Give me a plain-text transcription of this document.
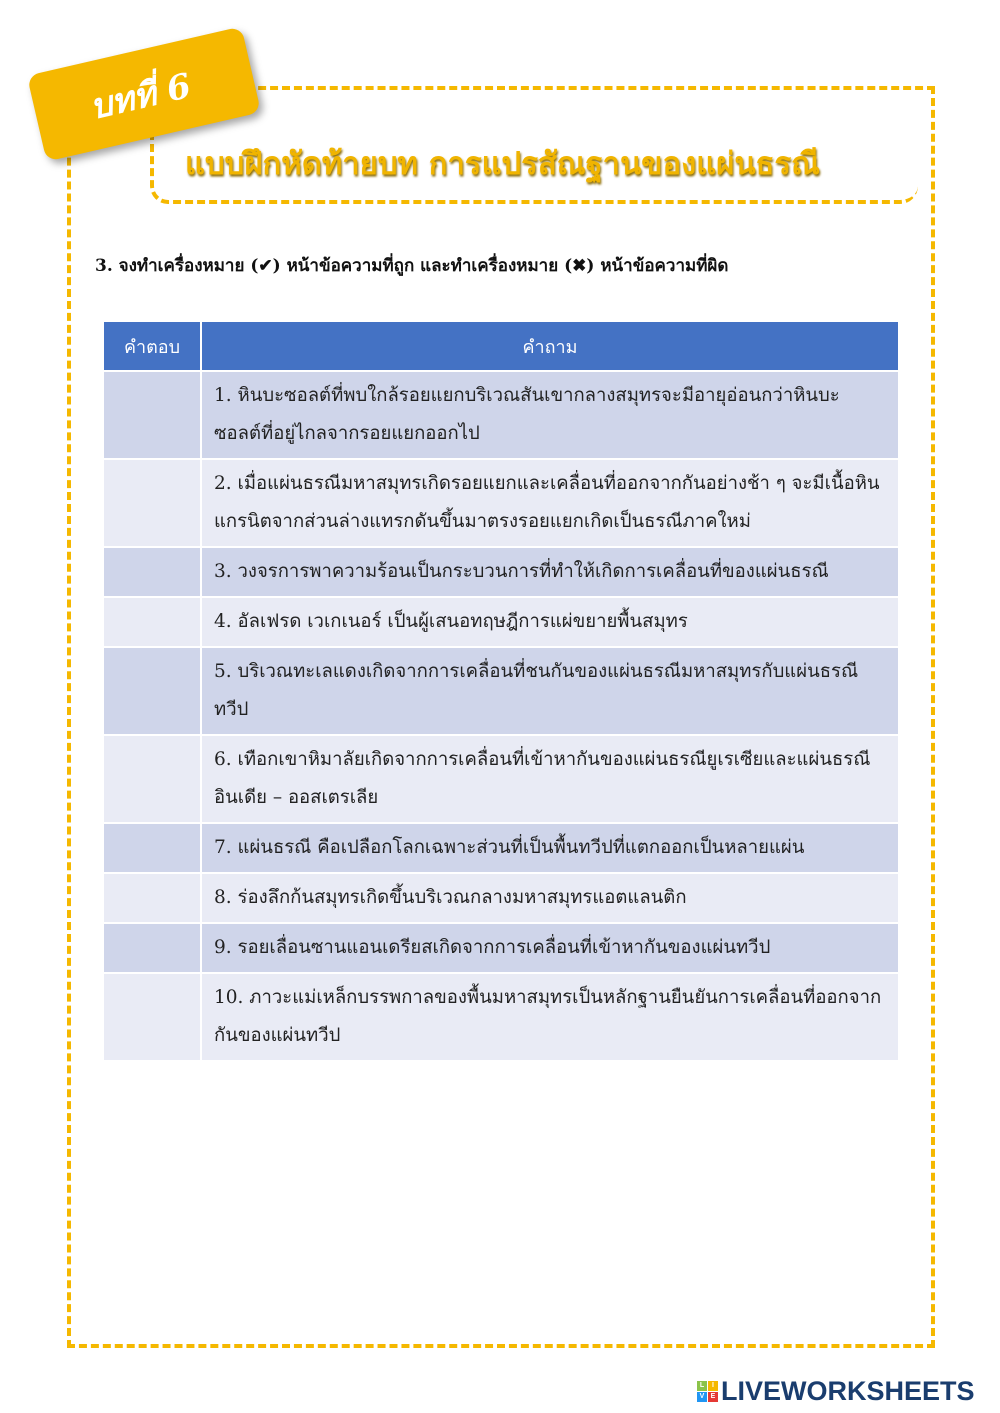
แบบฝึกหัดท้ายบท การแปรสัณฐานของแผ่นธรณี
บทที่ 6
3. จงทำเครื่องหมาย (✔) หน้าข้อความที่ถูก และทำเครื่องหมาย (✖) หน้าข้อความที่ผิด
คำตอบ	คำถาม

	1. หินบะซอลต์ที่พบใกล้รอยแยกบริเวณสันเขากลางสมุทรจะมีอายุอ่อนกว่าหินบะซอลต์ที่อยู่ไกลจากรอยแยกออกไป

	2. เมื่อแผ่นธรณีมหาสมุทรเกิดรอยแยกและเคลื่อนที่ออกจากกันอย่างช้า ๆ จะมีเนื้อหินแกรนิตจากส่วนล่างแทรกดันขึ้นมาตรงรอยแยกเกิดเป็นธรณีภาคใหม่

	3. วงจรการพาความร้อนเป็นกระบวนการที่ทำให้เกิดการเคลื่อนที่ของแผ่นธรณี

	4. อัลเฟรด เวเกเนอร์ เป็นผู้เสนอทฤษฎีการแผ่ขยายพื้นสมุทร

	5. บริเวณทะเลแดงเกิดจากการเคลื่อนที่ชนกันของแผ่นธรณีมหาสมุทรกับแผ่นธรณีทวีป

	6. เทือกเขาหิมาลัยเกิดจากการเคลื่อนที่เข้าหากันของแผ่นธรณียูเรเซียและแผ่นธรณีอินเดีย – ออสเตรเลีย

	7. แผ่นธรณี คือเปลือกโลกเฉพาะส่วนที่เป็นพื้นทวีปที่แตกออกเป็นหลายแผ่น

	8. ร่องลึกก้นสมุทรเกิดขึ้นบริเวณกลางมหาสมุทรแอตแลนติก

	9. รอยเลื่อนซานแอนเดรียสเกิดจากการเคลื่อนที่เข้าหากันของแผ่นทวีป

	10. ภาวะแม่เหล็กบรรพกาลของพื้นมหาสมุทรเป็นหลักฐานยืนยันการเคลื่อนที่ออกจากกันของแผ่นทวีป
L	I
V E LIVEWORKSHEETS
